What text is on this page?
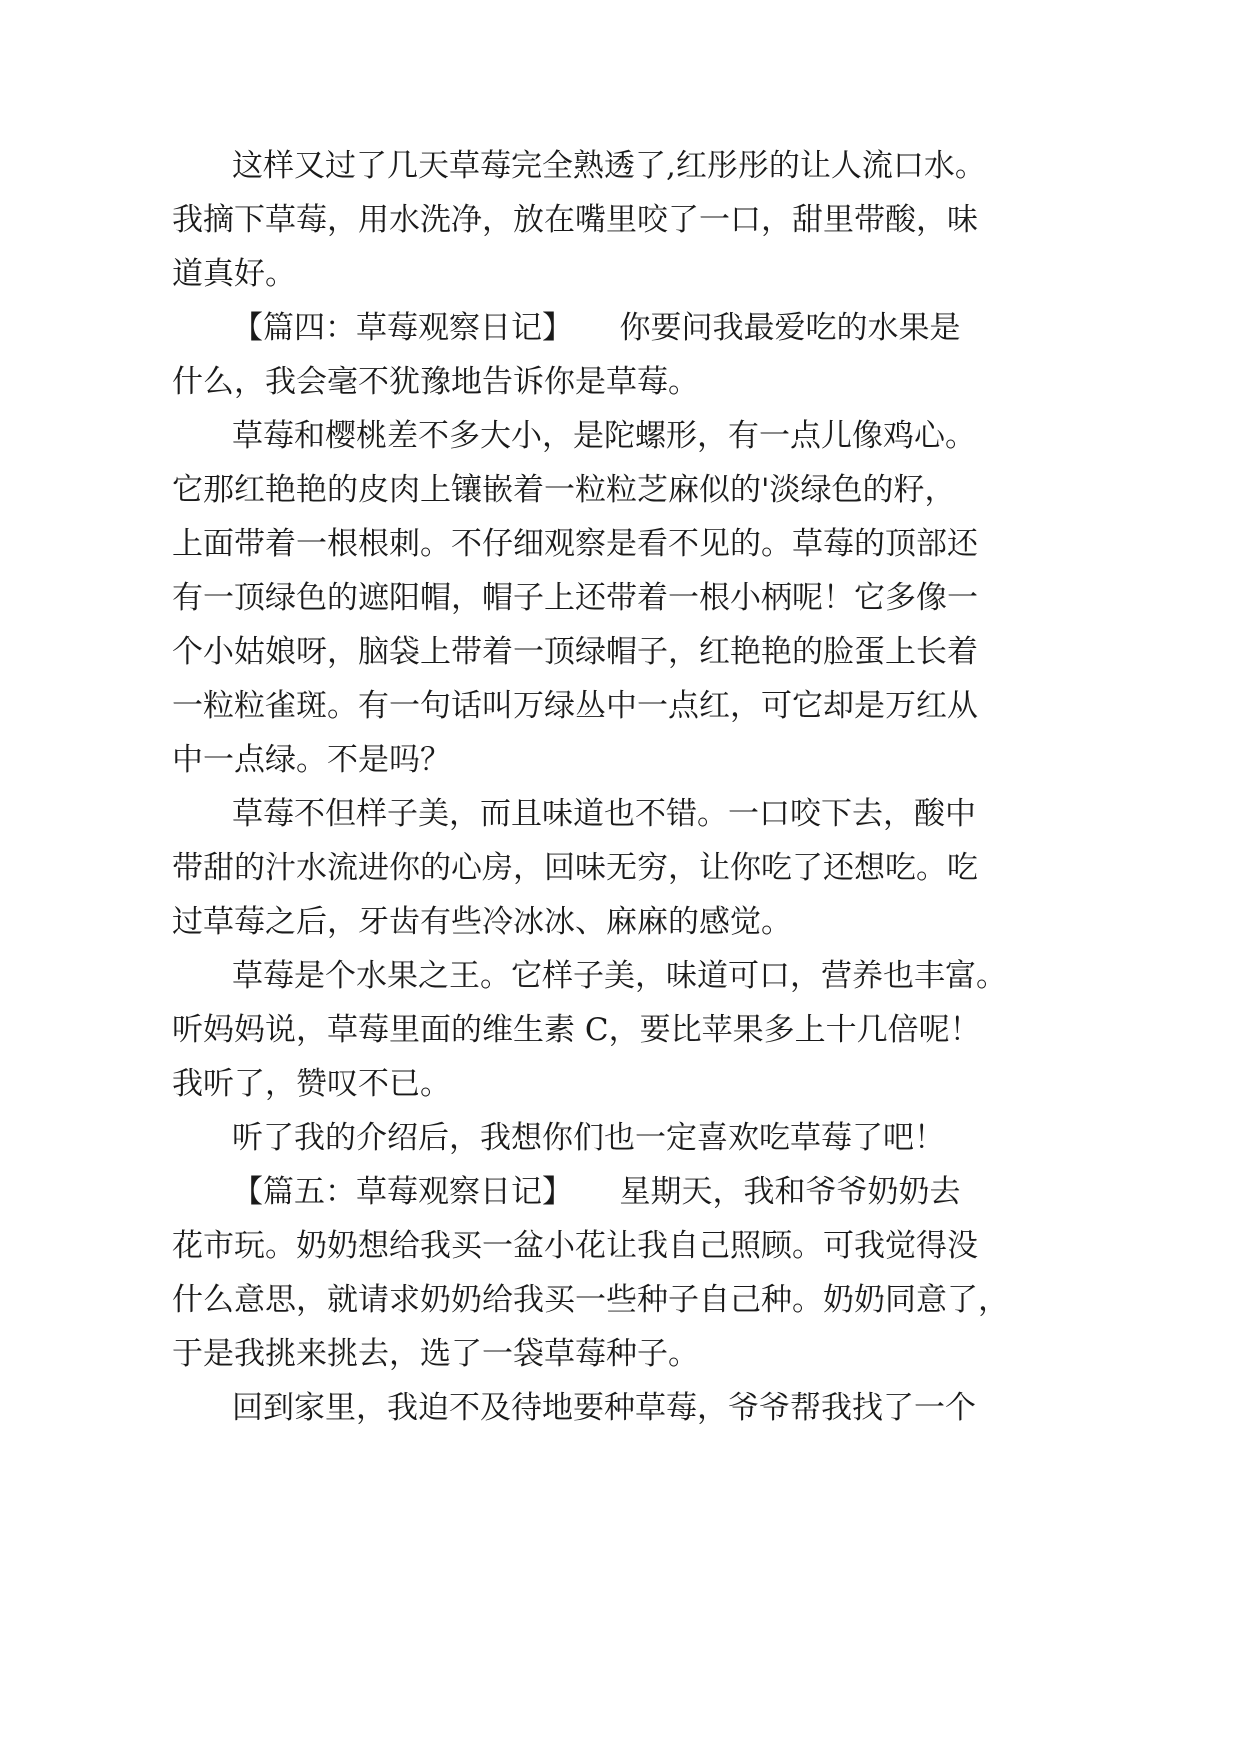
这样又过了几天草莓完全熟透了,红彤彤的让人流口水。
我摘下草莓，用水洗净，放在嘴里咬了一口，甜里带酸，味
道真好。
【篇四：草莓观察日记】　　你要问我最爱吃的水果是
什么，我会毫不犹豫地告诉你是草莓。
草莓和樱桃差不多大小，是陀螺形，有一点儿像鸡心。
它那红艳艳的皮肉上镶嵌着一粒粒芝麻似的'淡绿色的籽，
上面带着一根根刺。不仔细观察是看不见的。草莓的顶部还
有一顶绿色的遮阳帽，帽子上还带着一根小柄呢！它多像一
个小姑娘呀，脑袋上带着一顶绿帽子，红艳艳的脸蛋上长着
一粒粒雀斑。有一句话叫万绿丛中一点红，可它却是万红从
中一点绿。不是吗？
草莓不但样子美，而且味道也不错。一口咬下去，酸中
带甜的汁水流进你的心房，回味无穷，让你吃了还想吃。吃
过草莓之后，牙齿有些冷冰冰、麻麻的感觉。
草莓是个水果之王。它样子美，味道可口，营养也丰富。
听妈妈说，草莓里面的维生素 C，要比苹果多上十几倍呢！
我听了，赞叹不已。
听了我的介绍后，我想你们也一定喜欢吃草莓了吧！
【篇五：草莓观察日记】　　星期天，我和爷爷奶奶去
花市玩。奶奶想给我买一盆小花让我自己照顾。可我觉得没
什么意思，就请求奶奶给我买一些种子自己种。奶奶同意了，
于是我挑来挑去，选了一袋草莓种子。
回到家里，我迫不及待地要种草莓，爷爷帮我找了一个
